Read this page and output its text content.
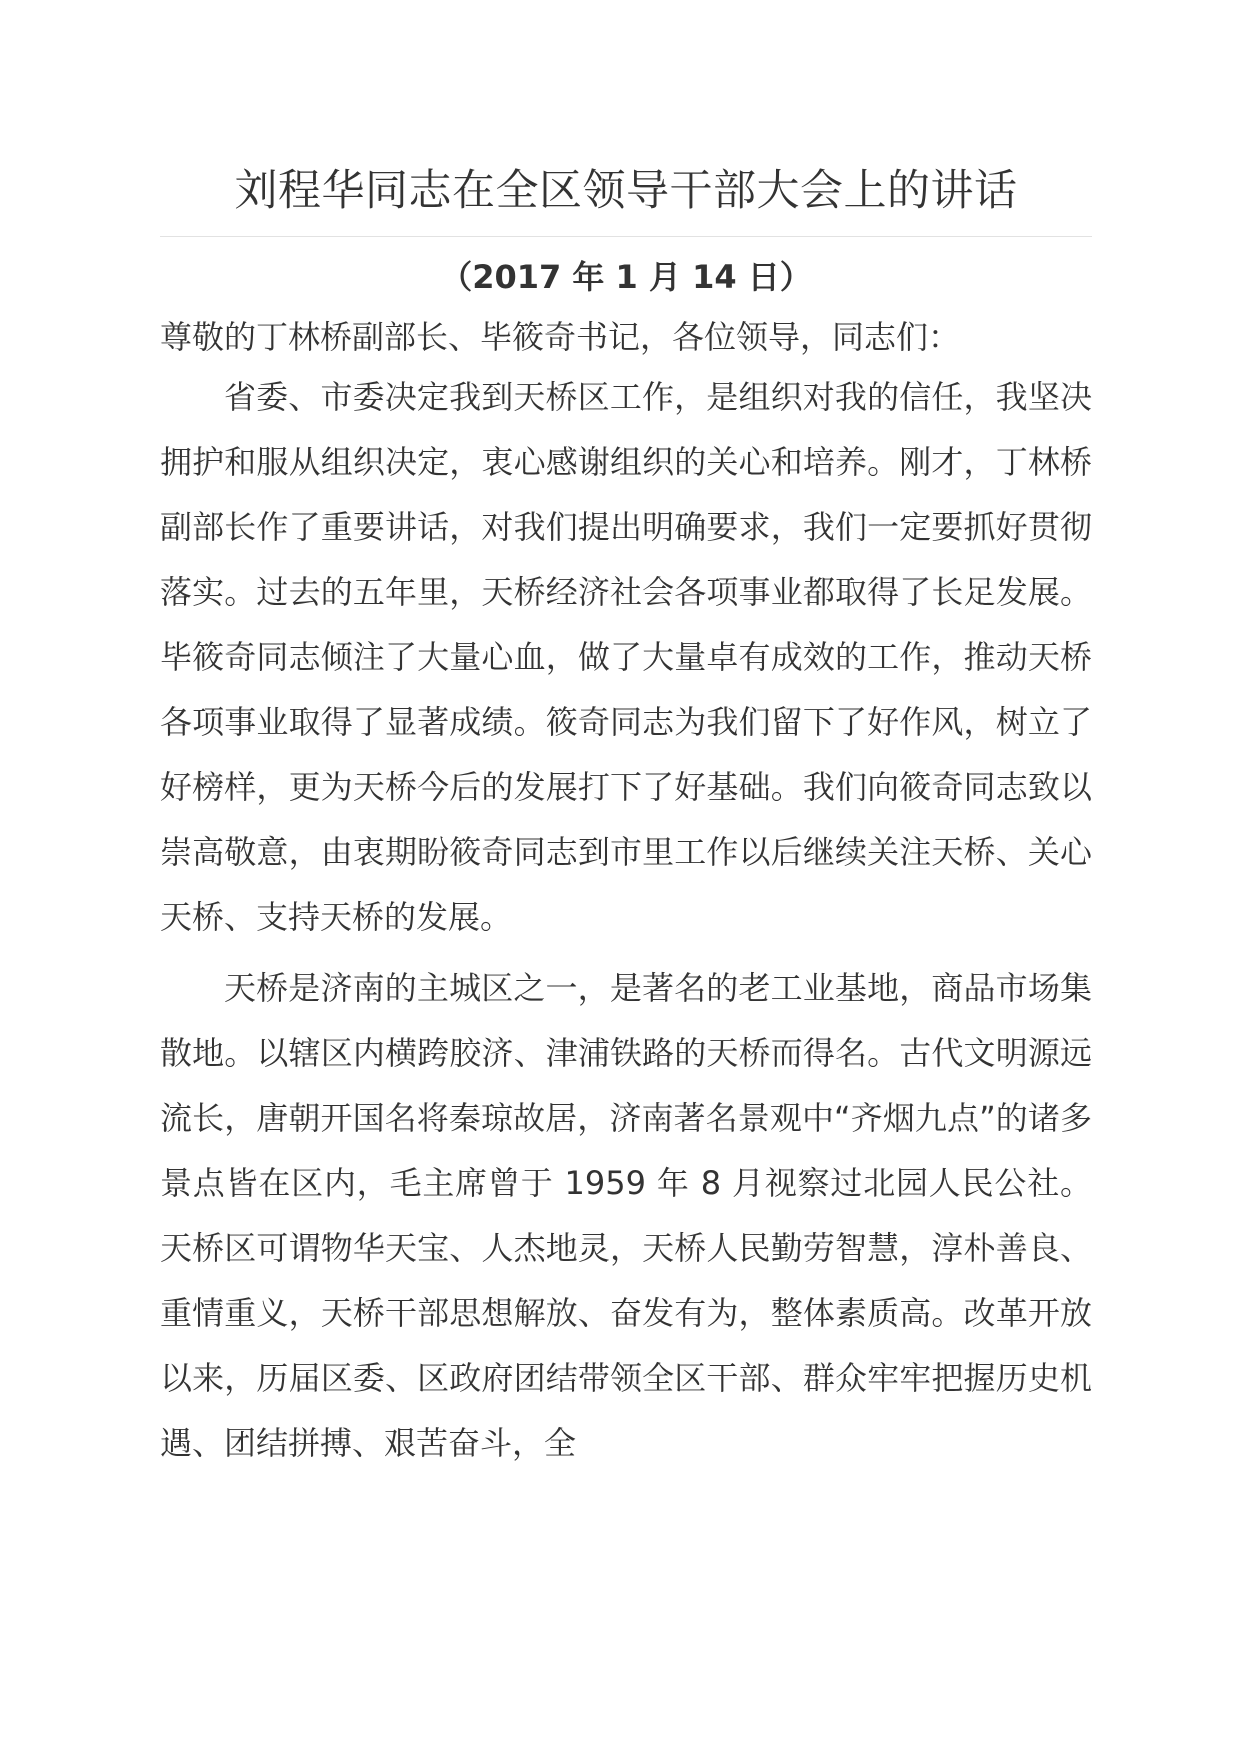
刘程华同志在全区领导干部大会上的讲话
（2017 年 1 月 14 日）
尊敬的丁林桥副部长、毕筱奇书记，各位领导，同志们：

省委、市委决定我到天桥区工作，是组织对我的信任，我坚决拥护和服从组织决定，衷心感谢组织的关心和培养。刚才，丁林桥副部长作了重要讲话，对我们提出明确要求，我们一定要抓好贯彻落实。过去的五年里，天桥经济社会各项事业都取得了长足发展。毕筱奇同志倾注了大量心血，做了大量卓有成效的工作，推动天桥各项事业取得了显著成绩。筱奇同志为我们留下了好作风，树立了好榜样，更为天桥今后的发展打下了好基础。我们向筱奇同志致以崇高敬意，由衷期盼筱奇同志到市里工作以后继续关注天桥、关心天桥、支持天桥的发展。

天桥是济南的主城区之一，是著名的老工业基地，商品市场集散地。以辖区内横跨胶济、津浦铁路的天桥而得名。古代文明源远流长，唐朝开国名将秦琼故居，济南著名景观中“齐烟九点”的诸多景点皆在区内，毛主席曾于 1959 年 8 月视察过北园人民公社。天桥区可谓物华天宝、人杰地灵，天桥人民勤劳智慧，淳朴善良、重情重义，天桥干部思想解放、奋发有为，整体素质高。改革开放以来，历届区委、区政府团结带领全区干部、群众牢牢把握历史机遇、团结拼搏、艰苦奋斗，全
